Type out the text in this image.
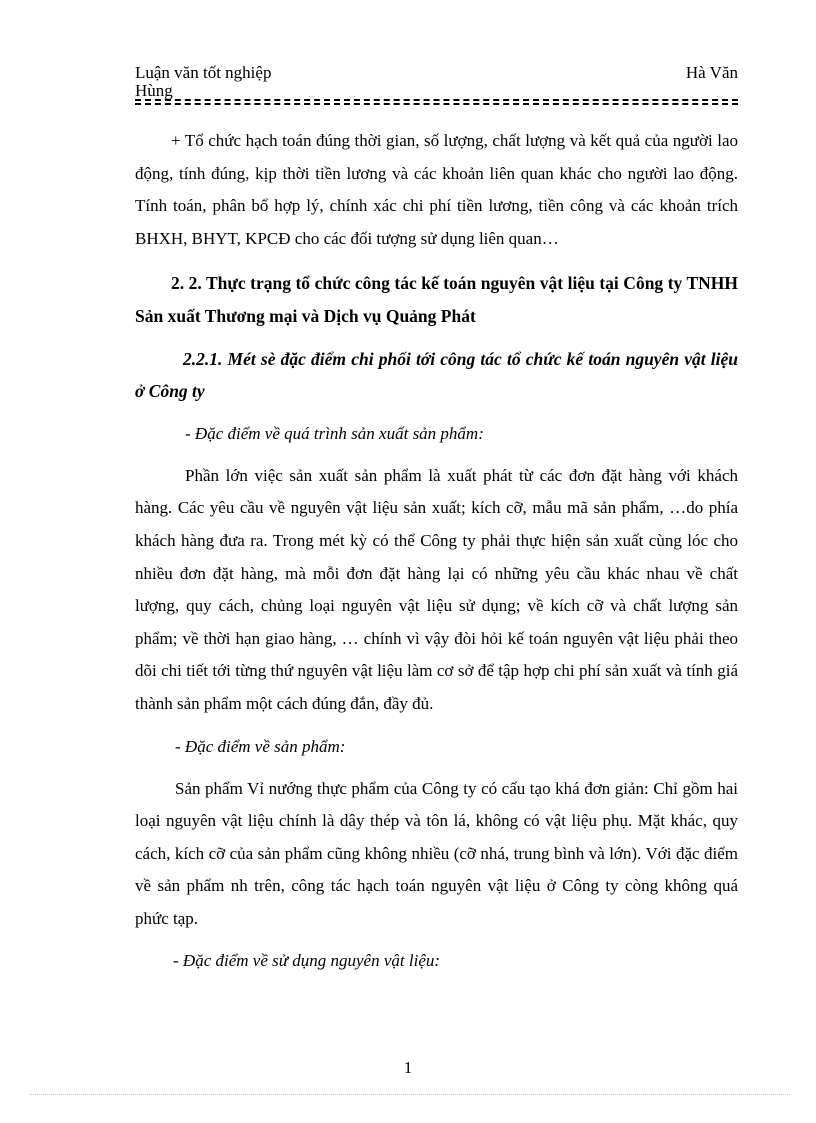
Luận văn tốt nghiệp	Hà Văn
Hùng

+ Tổ chức hạch toán đúng thời gian, số lượng, chất lượng và kết quả của người lao động, tính đúng, kịp thời tiền lương và các khoản liên quan khác cho người lao động. Tính toán, phân bổ hợp lý, chính xác chi phí tiền lương, tiền công và các khoản trích BHXH, BHYT, KPCĐ cho các đối tượng sử dụng liên quan…

2. 2. Thực trạng tổ chức công tác kế toán nguyên vật liệu tại Công ty TNHH Sản xuất Thương mại và Dịch vụ Quảng Phát

2.2.1. Mét sè đặc điểm chi phối tới công tác tổ chức kế toán nguyên vật liệu ở Công ty

- Đặc điểm về quá trình sản xuất sản phẩm:

Phần lớn việc sản xuất sản phẩm là xuất phát từ các đơn đặt hàng với khách hàng. Các yêu cầu về nguyên vật liệu sản xuất; kích cỡ, mẫu mã sản phẩm, …do phía khách hàng đưa ra. Trong mét kỳ có thể Công ty phải thực hiện sản xuất cùng lóc cho nhiều đơn đặt hàng, mà mỗi đơn đặt hàng lại có những yêu cầu khác nhau về chất lượng, quy cách, chủng loại nguyên vật liệu sử dụng; về kích cỡ và chất lượng sản phẩm; về thời hạn giao hàng, … chính vì vậy đòi hỏi kế toán nguyên vật liệu phải theo dõi chi tiết tới từng thứ nguyên vật liệu làm cơ sở để tập hợp chi phí sản xuất và tính giá thành sản phẩm một cách đúng đắn, đầy đủ.

- Đặc điểm về sản phẩm:

Sản phẩm Vỉ nướng thực phẩm của Công ty có cấu tạo khá đơn giản: Chỉ gồm hai loại nguyên vật liệu chính là dây thép và tôn lá, không có vật liệu phụ. Mặt khác, quy cách, kích cỡ của sản phẩm cũng không nhiều (cỡ nhá, trung bình và lớn). Với đặc điểm về sản phẩm nh trên, công tác hạch toán nguyên vật liệu ở Công ty còng không quá phức tạp.

- Đặc điểm về sử dụng nguyên vật liệu:

1
